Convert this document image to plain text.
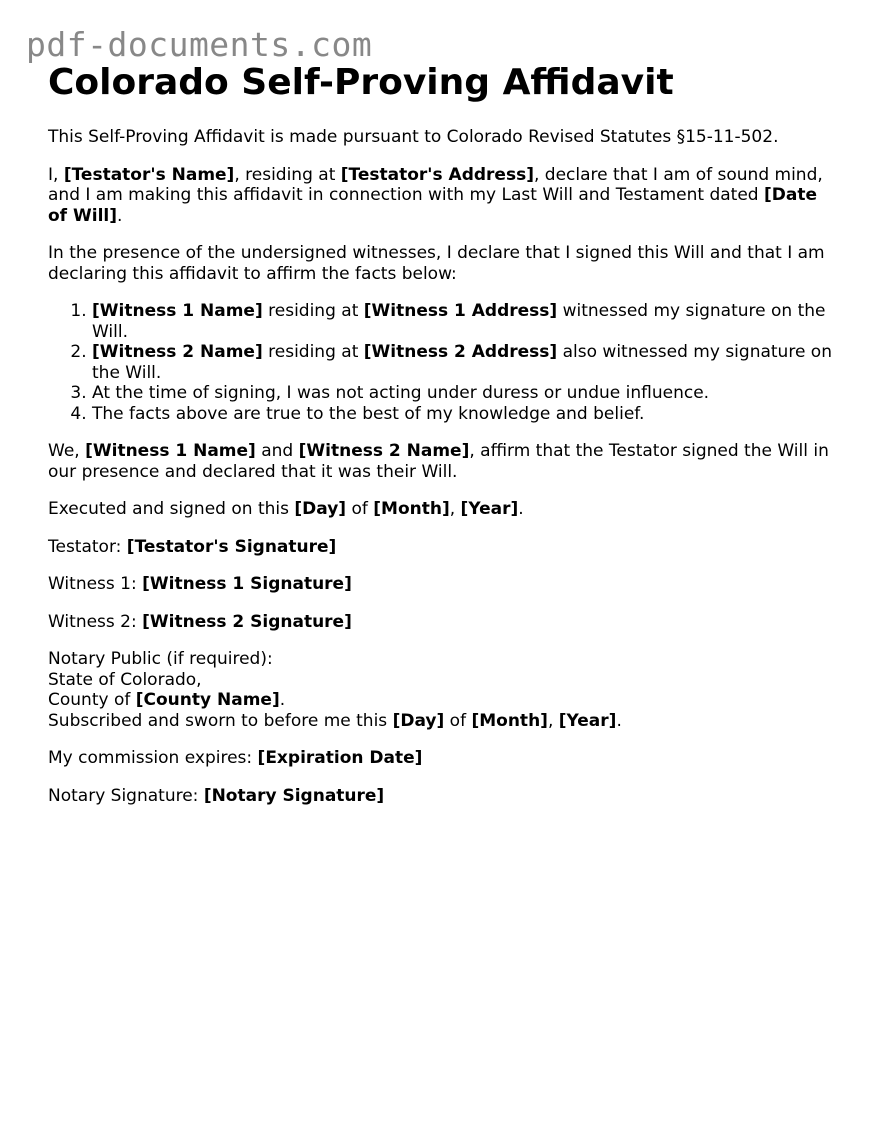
pdf-documents.com
Colorado Self-Proving Affidavit

This Self-Proving Affidavit is made pursuant to Colorado Revised Statutes §15-11-502.

I, [Testator's Name], residing at [Testator's Address], declare that I am of sound mind, and I am making this affidavit in connection with my Last Will and Testament dated [Date of Will].

In the presence of the undersigned witnesses, I declare that I signed this Will and that I am declaring this affidavit to affirm the facts below:

1. [Witness 1 Name] residing at [Witness 1 Address] witnessed my signature on the Will.
2. [Witness 2 Name] residing at [Witness 2 Address] also witnessed my signature on the Will.
3. At the time of signing, I was not acting under duress or undue influence.
4. The facts above are true to the best of my knowledge and belief.

We, [Witness 1 Name] and [Witness 2 Name], affirm that the Testator signed the Will in our presence and declared that it was their Will.

Executed and signed on this [Day] of [Month], [Year].

Testator: [Testator's Signature]

Witness 1: [Witness 1 Signature]

Witness 2: [Witness 2 Signature]

Notary Public (if required):

State of Colorado,

County of [County Name].

Subscribed and sworn to before me this [Day] of [Month], [Year].

My commission expires: [Expiration Date]

Notary Signature: [Notary Signature]
